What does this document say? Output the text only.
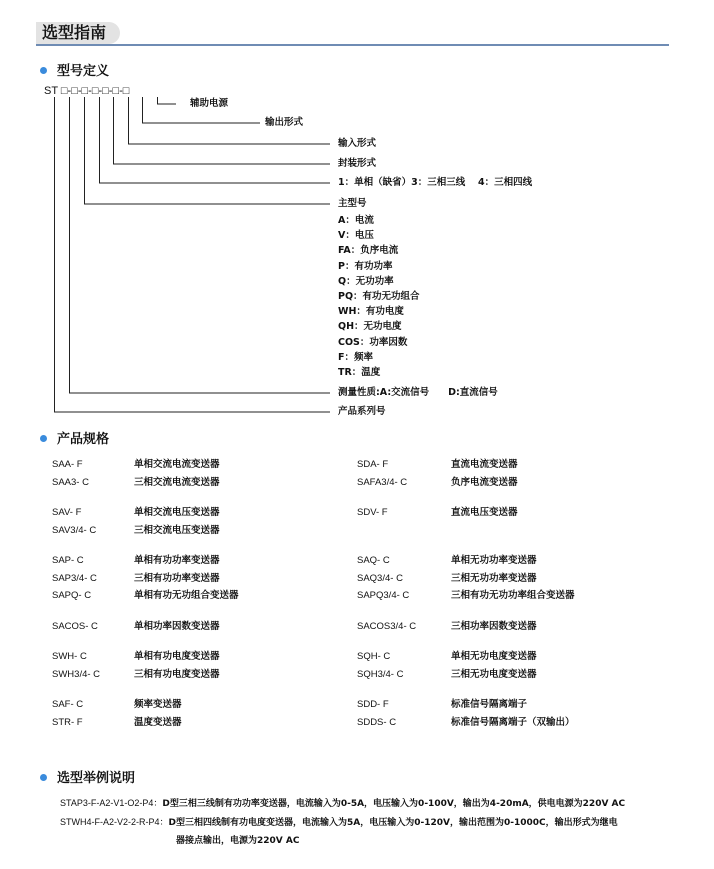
选型指南
型号定义
ST □-□-□-□-□-□-□
辅助电源
输出形式
输入形式
封装形式
1：单相（缺省）3：三相三线　 4：三相四线
主型号
A：电流
V：电压
FA：负序电流
P：有功功率
Q：无功功率
PQ：有功无功组合
WH：有功电度
QH：无功电度
COS：功率因数
F：频率
TR：温度
测量性质:A:交流信号　　D:直流信号
产品系列号
产品规格
SAA- F	单相交流电流变送器	SDA- F	直流电流变送器
SAA3- C	三相交流电流变送器	SAFA3/4- C	负序电流变送器

SAV- F	单相交流电压变送器	SDV- F	直流电压变送器
SAV3/4- C	三相交流电压变送器		

SAP- C	单相有功功率变送器	SAQ- C	单相无功功率变送器
SAP3/4- C	三相有功功率变送器	SAQ3/4- C	三相无功功率变送器
SAPQ- C	单相有功无功组合变送器	SAPQ3/4- C	三相有功无功功率组合变送器

SACOS- C	单相功率因数变送器	SACOS3/4- C	三相功率因数变送器

SWH- C	单相有功电度变送器	SQH- C	单相无功电度变送器
SWH3/4- C	三相有功电度变送器	SQH3/4- C	三相无功电度变送器

SAF- C	频率变送器	SDD- F	标准信号隔离端子
STR- F	温度变送器	SDDS- C	标准信号隔离端子（双输出）
选型举例说明
STAP3-F-A2-V1-O2-P4：D型三相三线制有功功率变送器，电流输入为0-5A，电压输入为0-100V，输出为4-20mA，供电电源为220V AC
STWH4-F-A2-V2-2-R-P4：D型三相四线制有功电度变送器，电流输入为5A，电压输入为0-120V，输出范围为0-1000C，输出形式为继电
器接点输出，电源为220V AC
